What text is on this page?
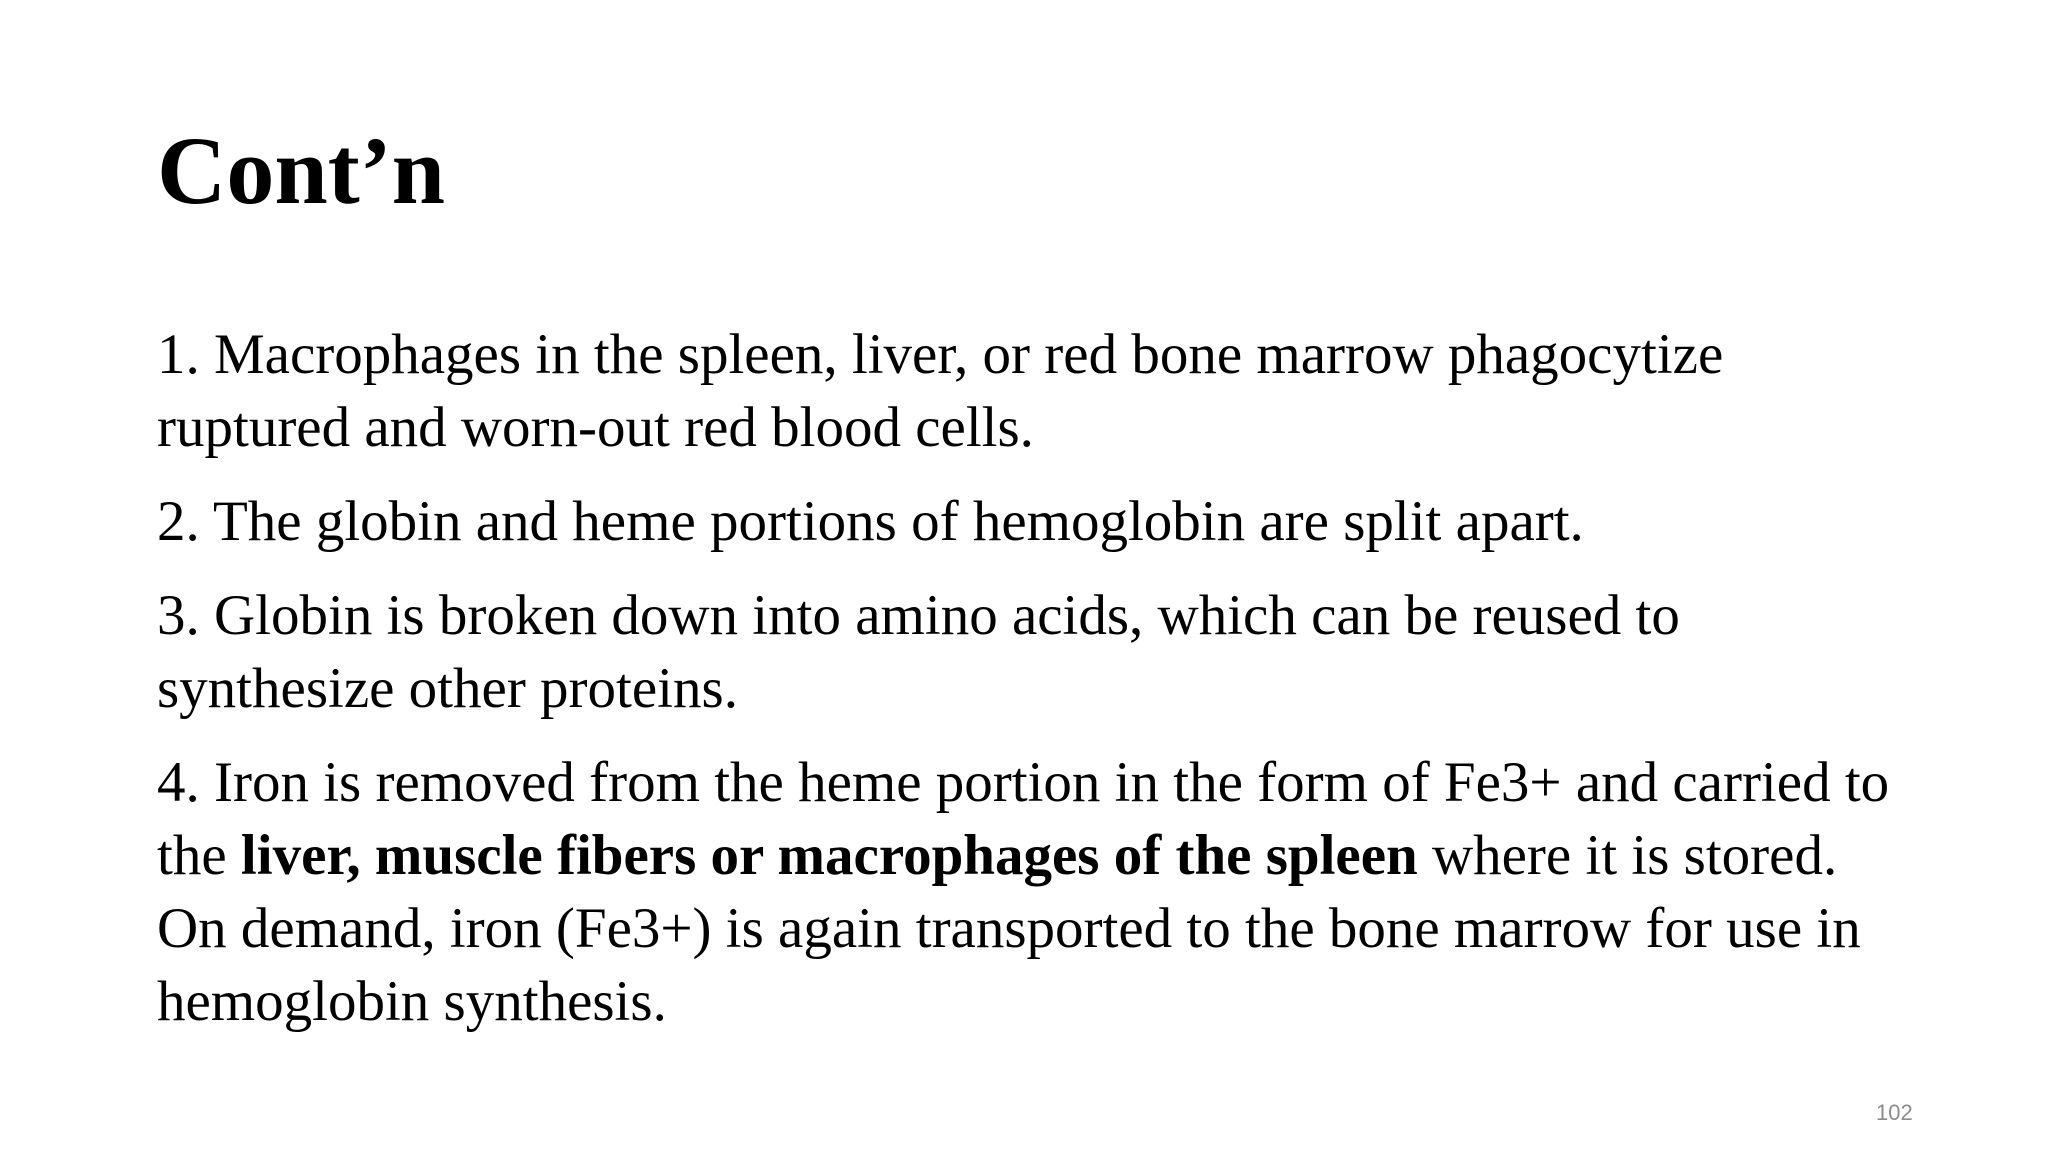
Cont’n

1. Macrophages in the spleen, liver, or red bone marrow phagocytize ruptured and worn-out red blood cells.

2. The globin and heme portions of hemoglobin are split apart.

3. Globin is broken down into amino acids, which can be reused to synthesize other proteins.

4. Iron is removed from the heme portion in the form of Fe3+ and carried to the liver, muscle fibers or macrophages of the spleen where it is stored. On demand, iron (Fe3+) is again transported to the bone marrow for use in hemoglobin synthesis.

102
